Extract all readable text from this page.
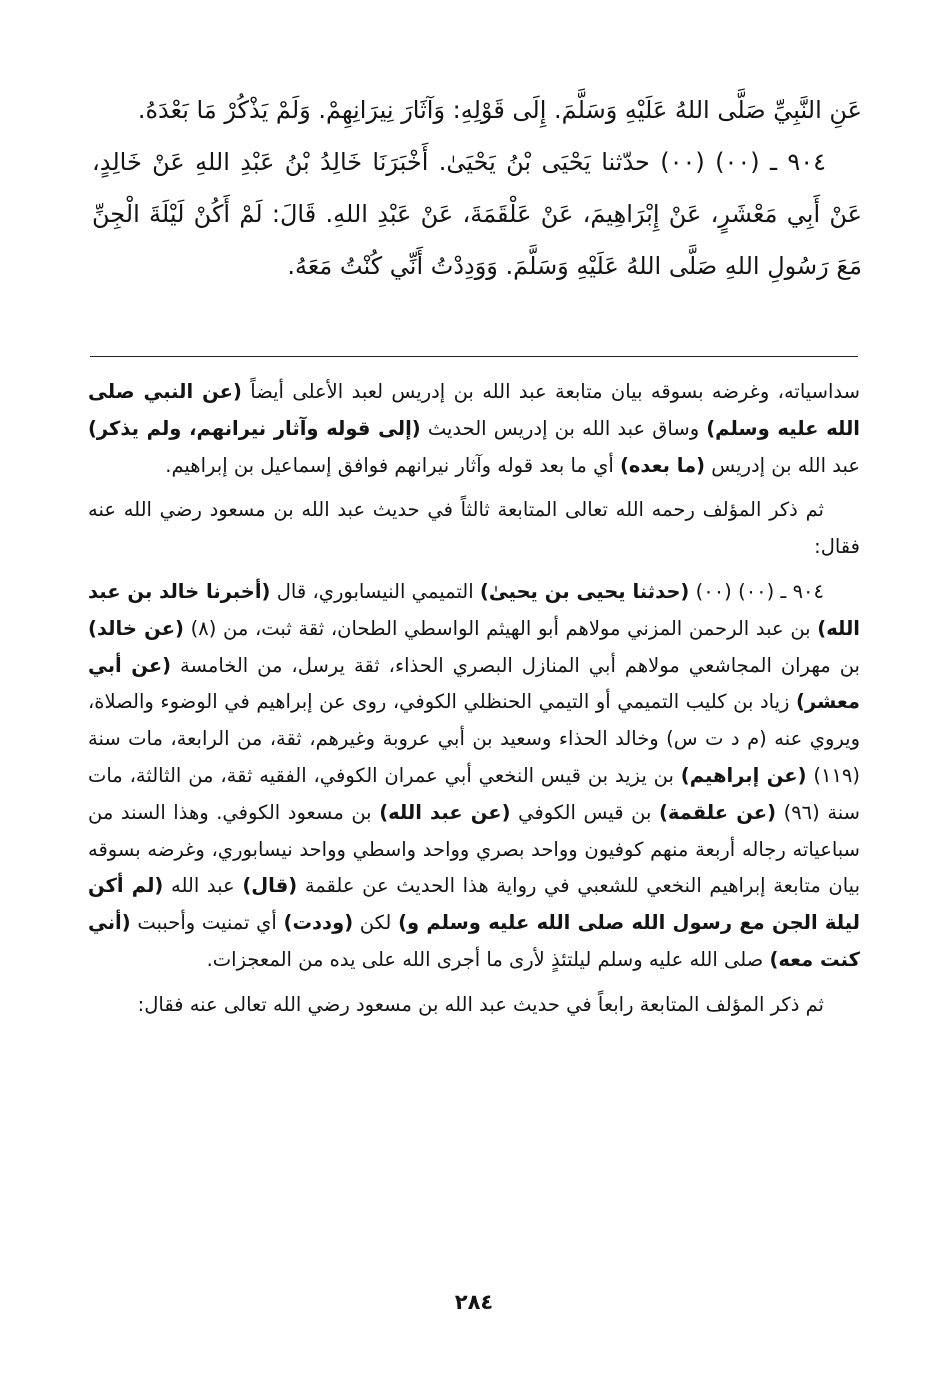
عَنِ النَّبِيِّ صَلَّى اللهُ عَلَيْهِ وَسَلَّمَ. إِلَى قَوْلِهِ: وَآثَارَ نِيرَانِهِمْ. وَلَمْ يَذْكُرْ مَا بَعْدَهُ.

٩٠٤ ـ (٠٠) (٠٠) حدّثنا يَحْيَى بْنُ يَحْيَىٰ. أَخْبَرَنَا خَالِدُ بْنُ عَبْدِ اللهِ عَنْ خَالِدٍ، عَنْ أَبِي مَعْشَرٍ، عَنْ إِبْرَاهِيمَ، عَنْ عَلْقَمَةَ، عَنْ عَبْدِ اللهِ. قَالَ: لَمْ أَكُنْ لَيْلَةَ الْجِنِّ مَعَ رَسُولِ اللهِ صَلَّى اللهُ عَلَيْهِ وَسَلَّمَ. وَوَدِدْتُ أَنِّي كُنْتُ مَعَهُ.

سداسياته، وغرضه بسوقه بيان متابعة عبد الله بن إدريس لعبد الأعلى أيضاً (عن النبي صلى الله عليه وسلم) وساق عبد الله بن إدريس الحديث (إلى قوله وآثار نيرانهم، ولم يذكر) عبد الله بن إدريس (ما بعده) أي ما بعد قوله وآثار نيرانهم فوافق إسماعيل بن إبراهيم.

ثم ذكر المؤلف رحمه الله تعالى المتابعة ثالثاً في حديث عبد الله بن مسعود رضي الله عنه فقال:

٩٠٤ ـ (٠٠) (٠٠) (حدثنا يحيى بن يحيىٰ) التميمي النيسابوري، قال (أخبرنا خالد بن عبد الله) بن عبد الرحمن المزني مولاهم أبو الهيثم الواسطي الطحان، ثقة ثبت، من (٨) (عن خالد) بن مهران المجاشعي مولاهم أبي المنازل البصري الحذاء، ثقة يرسل، من الخامسة (عن أبي معشر) زياد بن كليب التميمي أو التيمي الحنظلي الكوفي، روى عن إبراهيم في الوضوء والصلاة، ويروي عنه (م د ت س) وخالد الحذاء وسعيد بن أبي عروبة وغيرهم، ثقة، من الرابعة، مات سنة (١١٩) (عن إبراهيم) بن يزيد بن قيس النخعي أبي عمران الكوفي، الفقيه ثقة، من الثالثة، مات سنة (٩٦) (عن علقمة) بن قيس الكوفي (عن عبد الله) بن مسعود الكوفي. وهذا السند من سباعياته رجاله أربعة منهم كوفيون وواحد بصري وواحد واسطي وواحد نيسابوري، وغرضه بسوقه بيان متابعة إبراهيم النخعي للشعبي في رواية هذا الحديث عن علقمة (قال) عبد الله (لم أكن ليلة الجن مع رسول الله صلى الله عليه وسلم و) لكن (وددت) أي تمنيت وأحببت (أني كنت معه) صلى الله عليه وسلم ليلتئذٍ لأرى ما أجرى الله على يده من المعجزات.

ثم ذكر المؤلف المتابعة رابعاً في حديث عبد الله بن مسعود رضي الله تعالى عنه فقال:

٢٨٤
